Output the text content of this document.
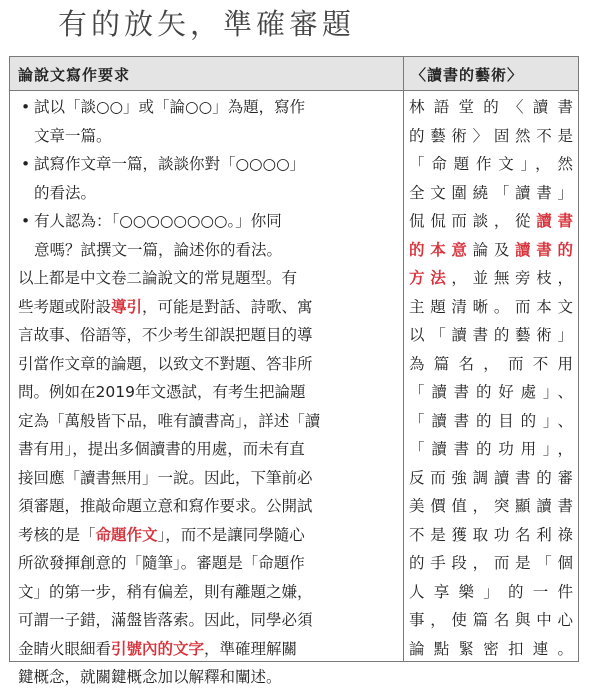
有的放矢，準確審題
論說文寫作要求	〈讀書的藝術〉
• 試以「談○○」或「論○○」為題，寫作
文章一篇。
• 試寫作文章一篇，談談你對「○○○○」
的看法。
• 有人認為：「○○○○○○○○。」你同
意嗎？試撰文一篇，論述你的看法。
以上都是中文卷二論說文的常見題型。有
些考題或附設導引，可能是對話、詩歌、寓
言故事、俗語等，不少考生卻誤把題目的導
引當作文章的論題，以致文不對題、答非所
問。例如在2019年文憑試，有考生把論題
定為「萬般皆下品，唯有讀書高」，詳述「讀
書有用」，提出多個讀書的用處，而未有直
接回應「讀書無用」一說。因此，下筆前必
須審題，推敲命題立意和寫作要求。公開試
考核的是「命題作文」，而不是讓同學隨心
所欲發揮創意的「隨筆」。審題是「命題作
文」的第一步，稍有偏差，則有離題之嫌，
可謂一子錯，滿盤皆落索。因此，同學必須
金睛火眼細看引號內的文字，準確理解關
鍵概念，就關鍵概念加以解釋和闡述。
林語堂的〈讀書
的藝術〉固然不是
「命題作文」，然
全文圍繞「讀書」
侃侃而談，從讀書
的本意論及讀書的
方法，並無旁枝，
主題清晰。而本文
以「讀書的藝術」
為篇名，而不用
「讀書的好處」、
「讀書的目的」、
「讀書的功用」，
反而強調讀書的審
美價值，突顯讀書
不是獲取功名利祿
的手段，而是「個
人享樂」的一件
事，使篇名與中心
論點緊密扣連。
